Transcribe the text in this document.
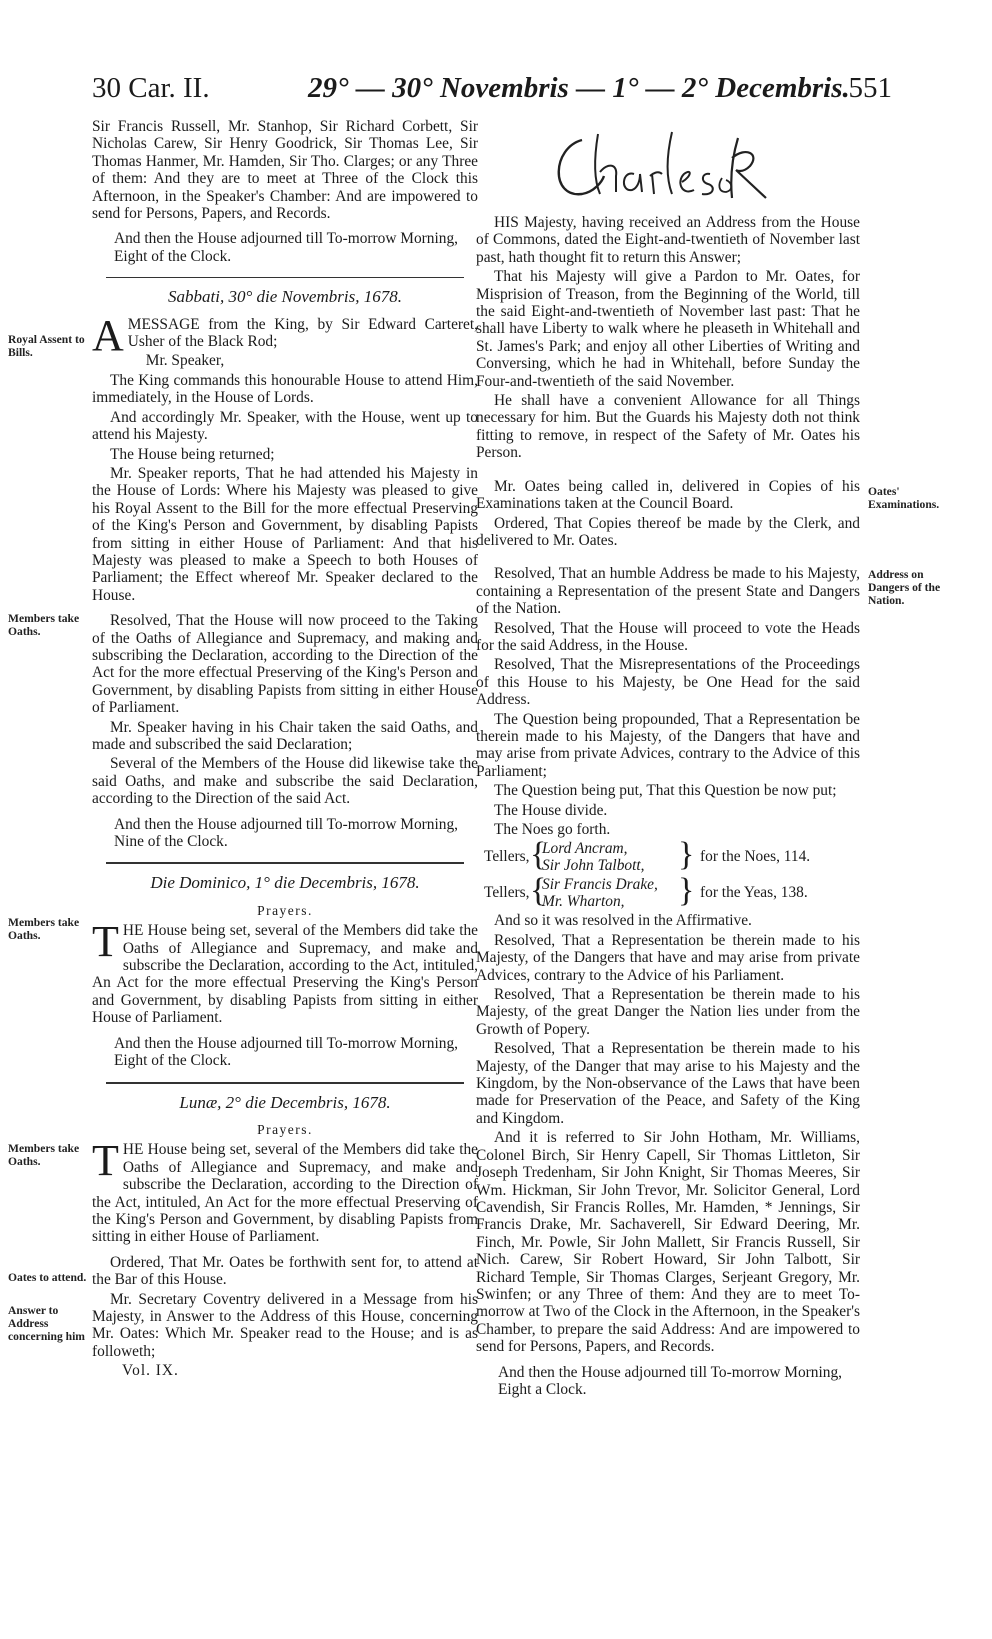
30 Car. II.	29° — 30° Novembris — 1° — 2° Decembris.
551
Royal Assent to Bills.
Members take Oaths.
Members take Oaths.
Members take Oaths.
Oates to attend.
Answer to Address concerning him
Oates' Examinations.
Address on Dangers of the Nation.

Sir Francis Russell, Mr. Stanhop, Sir Richard Corbett, Sir Nicholas Carew, Sir Henry Goodrick, Sir Thomas Lee, Sir Thomas Hanmer, Mr. Hamden, Sir Tho. Clarges; or any Three of them: And they are to meet at Three of the Clock this Afternoon, in the Speaker's Chamber: And are impowered to send for Persons, Papers, and Records.

And then the House adjourned till To-morrow Morning, Eight of the Clock.

Sabbati, 30° die Novembris, 1678.
A MESSAGE from the King, by Sir Edward Carteret, Usher of the Black Rod;

Mr. Speaker,

The King commands this honourable House to attend Him, immediately, in the House of Lords.

And accordingly Mr. Speaker, with the House, went up to attend his Majesty.

The House being returned;

Mr. Speaker reports, That he had attended his Majesty in the House of Lords: Where his Majesty was pleased to give his Royal Assent to the Bill for the more effectual Preserving of the King's Person and Government, by disabling Papists from sitting in either House of Parliament: And that his Majesty was pleased to make a Speech to both Houses of Parliament; the Effect whereof Mr. Speaker declared to the House.

Resolved, That the House will now proceed to the Taking of the Oaths of Allegiance and Supremacy, and making and subscribing the Declaration, according to the Direction of the Act for the more effectual Preserving of the King's Person and Government, by disabling Papists from sitting in either House of Parliament.

Mr. Speaker having in his Chair taken the said Oaths, and made and subscribed the said Declaration;

Several of the Members of the House did likewise take the said Oaths, and make and subscribe the said Declaration, according to the Direction of the said Act.

And then the House adjourned till To-morrow Morning, Nine of the Clock.

Die Dominico, 1° die Decembris, 1678.
Prayers.
T HE House being set, several of the Members did take the Oaths of Allegiance and Supremacy, and make and subscribe the Declaration, according to the Act, intituled, An Act for the more effectual Preserving the King's Person and Government, by disabling Papists from sitting in either House of Parliament.

And then the House adjourned till To-morrow Morning, Eight of the Clock.

Lunæ, 2° die Decembris, 1678.
Prayers.
T HE House being set, several of the Members did take the Oaths of Allegiance and Supremacy, and make and subscribe the Declaration, according to the Direction of the Act, intituled, An Act for the more effectual Preserving of the King's Person and Government, by disabling Papists from sitting in either House of Parliament.

Ordered, That Mr. Oates be forthwith sent for, to attend at the Bar of this House.

Mr. Secretary Coventry delivered in a Message from his Majesty, in Answer to the Address of this House, concerning Mr. Oates: Which Mr. Speaker read to the House; and is as followeth;

Vol. IX.

HIS Majesty, having received an Address from the House of Commons, dated the Eight-and-twentieth of November last past, hath thought fit to return this Answer;

That his Majesty will give a Pardon to Mr. Oates, for Misprision of Treason, from the Beginning of the World, till the said Eight-and-twentieth of November last past: That he shall have Liberty to walk where he pleaseth in Whitehall and St. James's Park; and enjoy all other Liberties of Writing and Conversing, which he had in Whitehall, before Sunday the Four-and-twentieth of the said November.

He shall have a convenient Allowance for all Things necessary for him. But the Guards his Majesty doth not think fitting to remove, in respect of the Safety of Mr. Oates his Person.

Mr. Oates being called in, delivered in Copies of his Examinations taken at the Council Board.

Ordered, That Copies thereof be made by the Clerk, and delivered to Mr. Oates.

Resolved, That an humble Address be made to his Majesty, containing a Representation of the present State and Dangers of the Nation.

Resolved, That the House will proceed to vote the Heads for the said Address, in the House.

Resolved, That the Misrepresentations of the Proceedings of this House to his Majesty, be One Head for the said Address.

The Question being propounded, That a Representation be therein made to his Majesty, of the Dangers that have and may arise from private Advices, contrary to the Advice of this Parliament;

The Question being put, That this Question be now put;

The House divide.

The Noes go forth.

Tellers, {
Lord Ancram,
Sir John Talbott, } for the Noes, 114.
Tellers, {
Sir Francis Drake,
Mr. Wharton,	} for the Yeas, 138.

And so it was resolved in the Affirmative.

Resolved, That a Representation be therein made to his Majesty, of the Dangers that have and may arise from private Advices, contrary to the Advice of his Parliament.

Resolved, That a Representation be therein made to his Majesty, of the great Danger the Nation lies under from the Growth of Popery.

Resolved, That a Representation be therein made to his Majesty, of the Danger that may arise to his Majesty and the Kingdom, by the Non-observance of the Laws that have been made for Preservation of the Peace, and Safety of the King and Kingdom.

And it is referred to Sir John Hotham, Mr. Williams, Colonel Birch, Sir Henry Capell, Sir Thomas Littleton, Sir Joseph Tredenham, Sir John Knight, Sir Thomas Meeres, Sir Wm. Hickman, Sir John Trevor, Mr. Solicitor General, Lord Cavendish, Sir Francis Rolles, Mr. Hamden, * Jennings, Sir Francis Drake, Mr. Sachaverell, Sir Edward Deering, Mr. Finch, Mr. Powle, Sir John Mallett, Sir Francis Russell, Sir Nich. Carew, Sir Robert Howard, Sir John Talbott, Sir Richard Temple, Sir Thomas Clarges, Serjeant Gregory, Mr. Swinfen; or any Three of them: And they are to meet To-morrow at Two of the Clock in the Afternoon, in the Speaker's Chamber, to prepare the said Address: And are impowered to send for Persons, Papers, and Records.

And then the House adjourned till To-morrow Morning, Eight a Clock.
